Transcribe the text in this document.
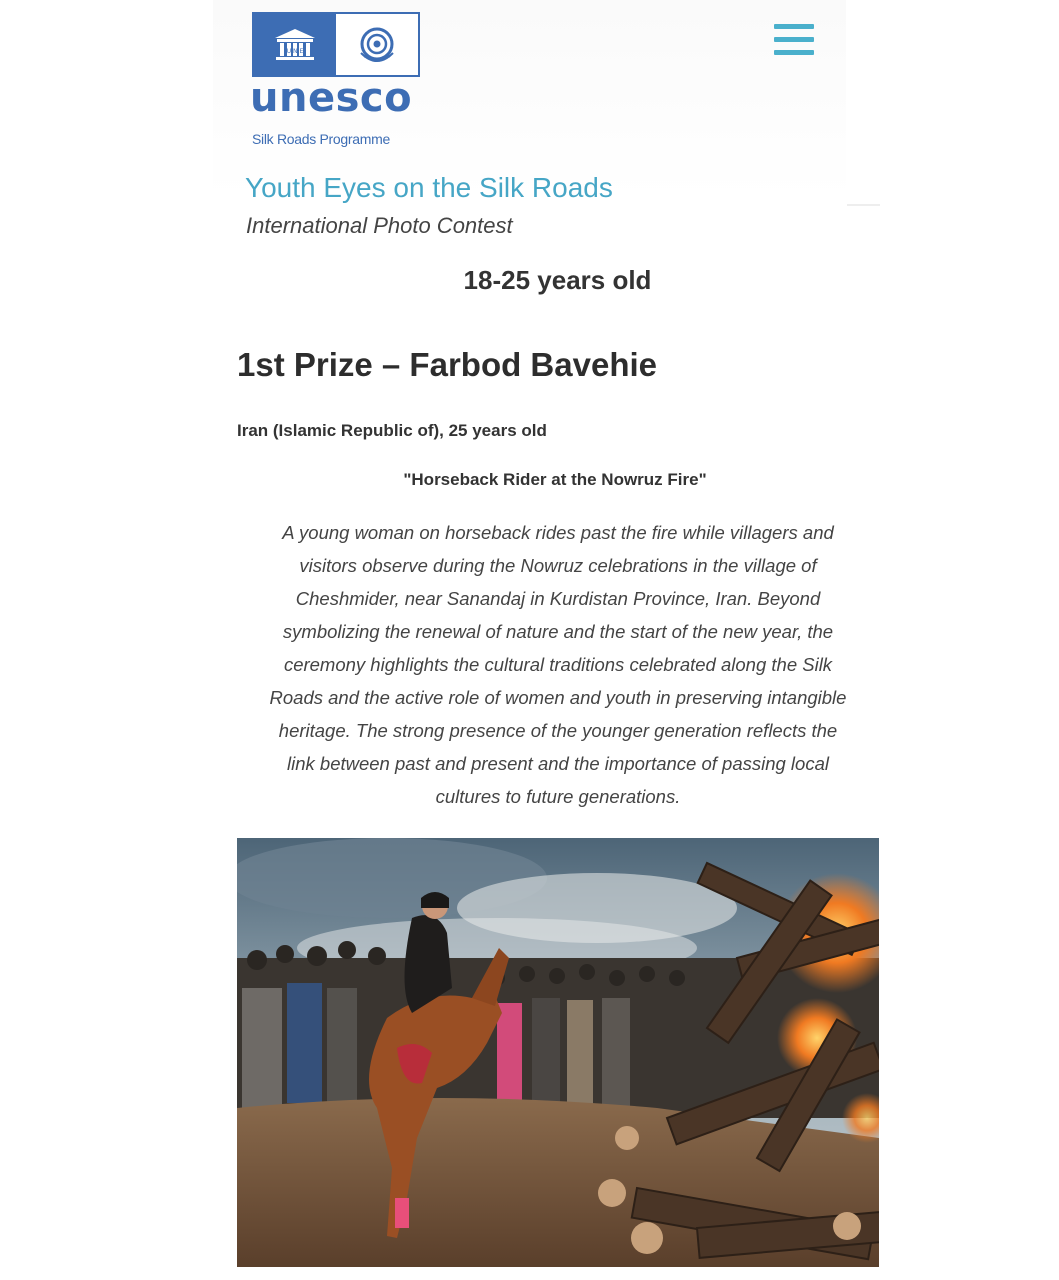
U N E
unesco
Silk Roads Programme
Youth Eyes on the Silk Roads
International Photo Contest
18-25 years old
1st Prize – Farbod Bavehie
Iran (Islamic Republic of), 25 years old
"Horseback Rider at the Nowruz Fire"
A young woman on horseback rides past the fire while villagers and
visitors observe during the Nowruz celebrations in the village of
Cheshmider, near Sanandaj in Kurdistan Province, Iran. Beyond
symbolizing the renewal of nature and the start of the new year, the
ceremony highlights the cultural traditions celebrated along the Silk
Roads and the active role of women and youth in preserving intangible
heritage. The strong presence of the younger generation reflects the
link between past and present and the importance of passing local
cultures to future generations.
